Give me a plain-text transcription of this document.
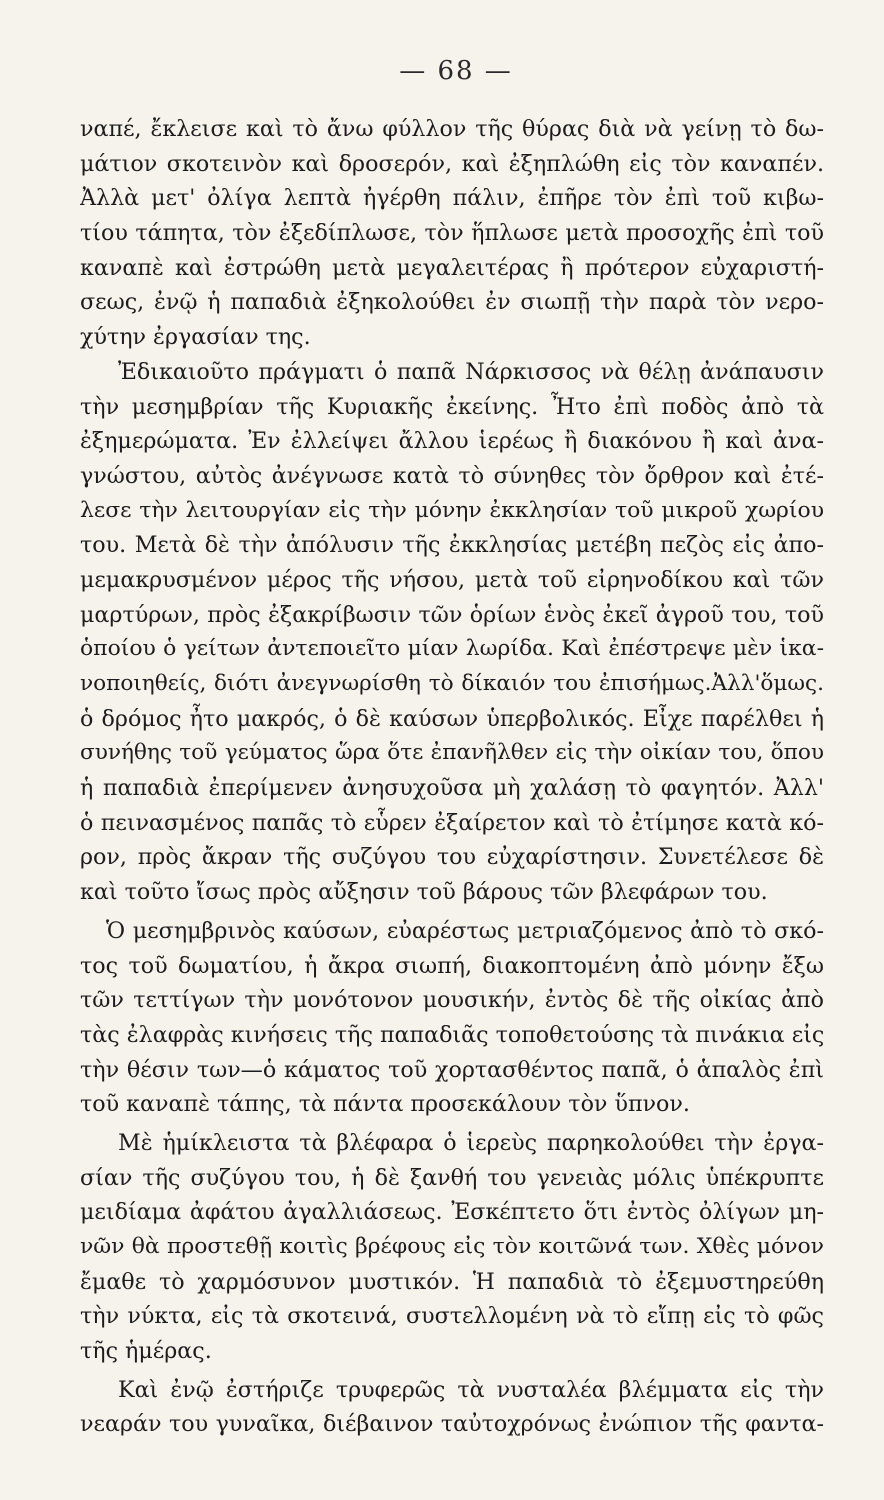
— 68 —
ναπέ, ἔκλεισε καὶ τὸ ἄνω φύλλον τῆς θύρας διὰ νὰ γείνῃ τὸ δω-
μάτιον σκοτεινὸν καὶ δροσερόν, καὶ ἐξηπλώθη εἰς τὸν καναπέν.
Ἀλλὰ μετ' ὀλίγα λεπτὰ ἠγέρθη πάλιν, ἐπῆρε τὸν ἐπὶ τοῦ κιβω-
τίου τάπητα, τὸν ἐξεδίπλωσε, τὸν ἥπλωσε μετὰ προσοχῆς ἐπὶ τοῦ
καναπὲ καὶ ἐστρώθη μετὰ μεγαλειτέρας ἢ πρότερον εὐχαριστή-
σεως, ἐνῷ ἡ παπαδιὰ ἐξηκολούθει ἐν σιωπῇ τὴν παρὰ τὸν νερο-
χύτην ἐργασίαν της.
Ἐδικαιοῦτο πράγματι ὁ παπᾶ Νάρκισσος νὰ θέλῃ ἀνάπαυσιν
τὴν μεσημβρίαν τῆς Κυριακῆς ἐκείνης. Ἦτο ἐπὶ ποδὸς ἀπὸ τὰ
ἐξημερώματα. Ἐν ἐλλείψει ἄλλου ἱερέως ἢ διακόνου ἢ καὶ ἀνα-
γνώστου, αὐτὸς ἀνέγνωσε κατὰ τὸ σύνηθες τὸν ὄρθρον καὶ ἐτέ-
λεσε τὴν λειτουργίαν εἰς τὴν μόνην ἐκκλησίαν τοῦ μικροῦ χωρίου
του. Μετὰ δὲ τὴν ἀπόλυσιν τῆς ἐκκλησίας μετέβη πεζὸς εἰς ἀπο-
μεμακρυσμένον μέρος τῆς νήσου, μετὰ τοῦ εἰρηνοδίκου καὶ τῶν
μαρτύρων, πρὸς ἐξακρίβωσιν τῶν ὁρίων ἑνὸς ἐκεῖ ἀγροῦ του, τοῦ
ὁποίου ὁ γείτων ἀντεποιεῖτο μίαν λωρίδα. Καὶ ἐπέστρεψε μὲν ἱκα-
νοποιηθείς, διότι ἀνεγνωρίσθη τὸ δίκαιόν του ἐπισήμως.Ἀλλ'ὅμως.
ὁ δρόμος ἦτο μακρός, ὁ δὲ καύσων ὑπερβολικός. Εἶχε παρέλθει ἡ
συνήθης τοῦ γεύματος ὥρα ὅτε ἐπανῆλθεν εἰς τὴν οἰκίαν του, ὅπου
ἡ παπαδιὰ ἐπερίμενεν ἀνησυχοῦσα μὴ χαλάσῃ τὸ φαγητόν. Ἀλλ'
ὁ πεινασμένος παπᾶς τὸ εὗρεν ἐξαίρετον καὶ τὸ ἐτίμησε κατὰ κό-
ρον, πρὸς ἄκραν τῆς συζύγου του εὐχαρίστησιν. Συνετέλεσε δὲ
καὶ τοῦτο ἴσως πρὸς αὔξησιν τοῦ βάρους τῶν βλεφάρων του.
Ὁ μεσημβρινὸς καύσων, εὐαρέστως μετριαζόμενος ἀπὸ τὸ σκό-
τος τοῦ δωματίου, ἡ ἄκρα σιωπή, διακοπτομένη ἀπὸ μόνην ἔξω
τῶν τεττίγων τὴν μονότονον μουσικήν, ἐντὸς δὲ τῆς οἰκίας ἀπὸ
τὰς ἐλαφρὰς κινήσεις τῆς παπαδιᾶς τοποθετούσης τὰ πινάκια εἰς
τὴν θέσιν των—ὁ κάματος τοῦ χορτασθέντος παπᾶ, ὁ ἁπαλὸς ἐπὶ
τοῦ καναπὲ τάπης, τὰ πάντα προσεκάλουν τὸν ὕπνον.
Μὲ ἡμίκλειστα τὰ βλέφαρα ὁ ἱερεὺς παρηκολούθει τὴν ἐργα-
σίαν τῆς συζύγου του, ἡ δὲ ξανθή του γενειὰς μόλις ὑπέκρυπτε
μειδίαμα ἀφάτου ἀγαλλιάσεως. Ἐσκέπτετο ὅτι ἐντὸς ὀλίγων μη-
νῶν θὰ προστεθῇ κοιτὶς βρέφους εἰς τὸν κοιτῶνά των. Χθὲς μόνον
ἔμαθε τὸ χαρμόσυνον μυστικόν. Ἡ παπαδιὰ τὸ ἐξεμυστηρεύθη
τὴν νύκτα, εἰς τὰ σκοτεινά, συστελλομένη νὰ τὸ εἴπῃ εἰς τὸ φῶς
τῆς ἡμέρας.
Καὶ ἐνῷ ἐστήριζε τρυφερῶς τὰ νυσταλέα βλέμματα εἰς τὴν
νεαράν του γυναῖκα, διέβαινον ταὐτοχρόνως ἐνώπιον τῆς φαντα-
